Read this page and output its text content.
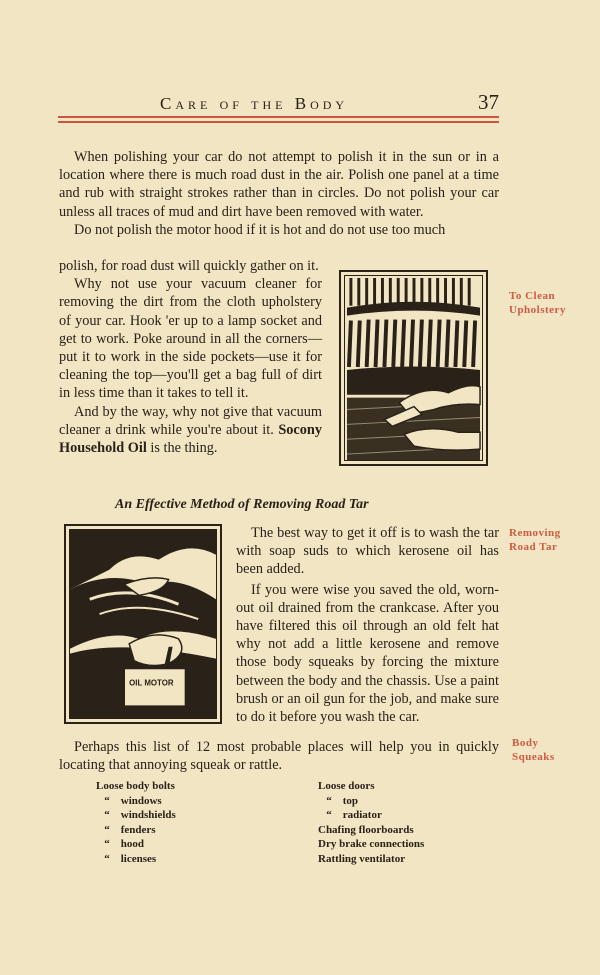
Care of the Body	37

When polishing your car do not attempt to polish it in the sun or in a location where there is much road dust in the air. Polish one panel at a time and rub with straight strokes rather than in circles. Do not polish your car unless all traces of mud and dirt have been removed with water.

Do not polish the motor hood if it is hot and do not use too much

polish, for road dust will quickly gather on it.

Why not use your vacuum cleaner for removing the dirt from the cloth upholstery of your car. Hook 'er up to a lamp socket and get to work. Poke around in all the corners—put it to work in the side pockets—use it for cleaning the top—you'll get a bag full of dirt in less time than it takes to tell it.

And by the way, why not give that vacuum cleaner a drink while you're about it. Socony Household Oil is the thing.

To Clean Upholstery
An Effective Method of Removing Road Tar
OIL MOTOR

The best way to get it off is to wash the tar with soap suds to which kerosene oil has been added.

If you were wise you saved the old, worn-out oil drained from the crankcase. After you have filtered this oil through an old felt hat why not add a little kerosene and remove those body squeaks by forcing the mixture between the body and the chassis. Use a paint brush or an oil gun for the job, and make sure to do it before you wash the car.

Removing Road Tar
Body Squeaks

Perhaps this list of 12 most probable places will help you in quickly locating that annoying squeak or rattle.

Loose body bolts
“ windows
“ windshields
“ fenders
“ hood
“ licenses
Loose doors
“ top
“ radiator
Chafing floorboards
Dry brake connections
Rattling ventilator
